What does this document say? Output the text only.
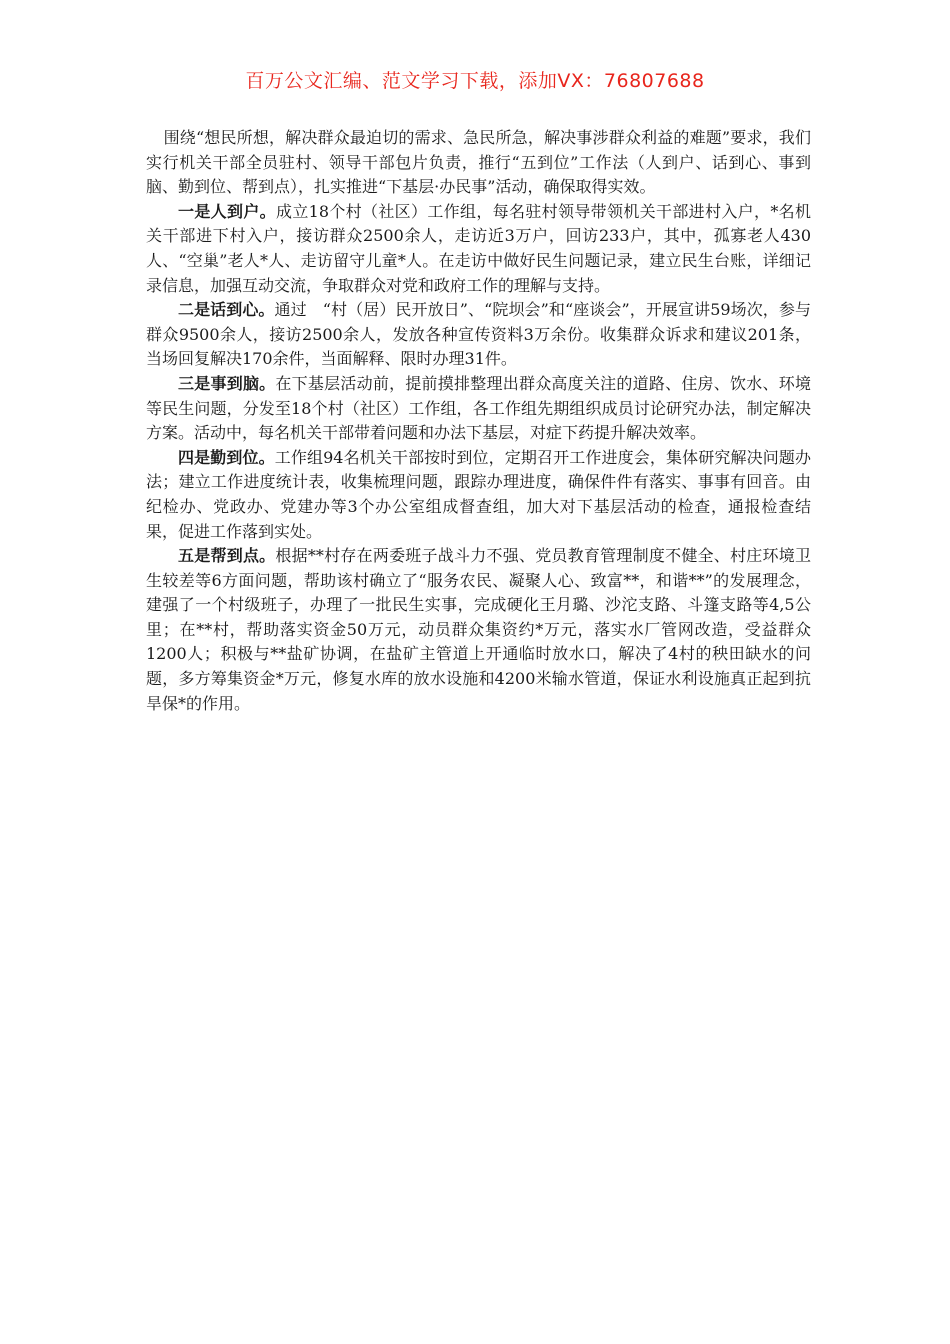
百万公文汇编、范文学习下载，添加VX：76807688

围绕“想民所想，解决群众最迫切的需求、急民所急，解决事涉群众利益的难题”要求，我们实行机关干部全员驻村、领导干部包片负责，推行“五到位”工作法（人到户、话到心、事到脑、勤到位、帮到点），扎实推进“下基层·办民事”活动，确保取得实效。

一是人到户。成立18个村（社区）工作组，每名驻村领导带领机关干部进村入户，*名机关干部进下村入户，接访群众2500余人，走访近3万户，回访233户，其中，孤寡老人430人、“空巢”老人*人、走访留守儿童*人。在走访中做好民生问题记录，建立民生台账，详细记录信息，加强互动交流，争取群众对党和政府工作的理解与支持。

二是话到心。通过　“村（居）民开放日”、“院坝会”和“座谈会”，开展宣讲59场次，参与群众9500余人，接访2500余人，发放各种宣传资料3万余份。收集群众诉求和建议201条，当场回复解决170余件，当面解释、限时办理31件。

三是事到脑。在下基层活动前，提前摸排整理出群众高度关注的道路、住房、饮水、环境等民生问题，分发至18个村（社区）工作组，各工作组先期组织成员讨论研究办法，制定解决方案。活动中，每名机关干部带着问题和办法下基层，对症下药提升解决效率。

四是勤到位。工作组94名机关干部按时到位，定期召开工作进度会，集体研究解决问题办法；建立工作进度统计表，收集梳理问题，跟踪办理进度，确保件件有落实、事事有回音。由纪检办、党政办、党建办等3个办公室组成督查组，加大对下基层活动的检查，通报检查结果，促进工作落到实处。

五是帮到点。根据**村存在两委班子战斗力不强、党员教育管理制度不健全、村庄环境卫生较差等6方面问题，帮助该村确立了“服务农民、凝聚人心、致富**，和谐**”的发展理念，建强了一个村级班子，办理了一批民生实事，完成硬化王月璐、沙沱支路、斗篷支路等4,5公里；在**村，帮助落实资金50万元，动员群众集资约*万元，落实水厂管网改造，受益群众1200人；积极与**盐矿协调，在盐矿主管道上开通临时放水口，解决了4村的秧田缺水的问题，多方筹集资金*万元，修复水库的放水设施和4200米输水管道，保证水利设施真正起到抗旱保*的作用。
